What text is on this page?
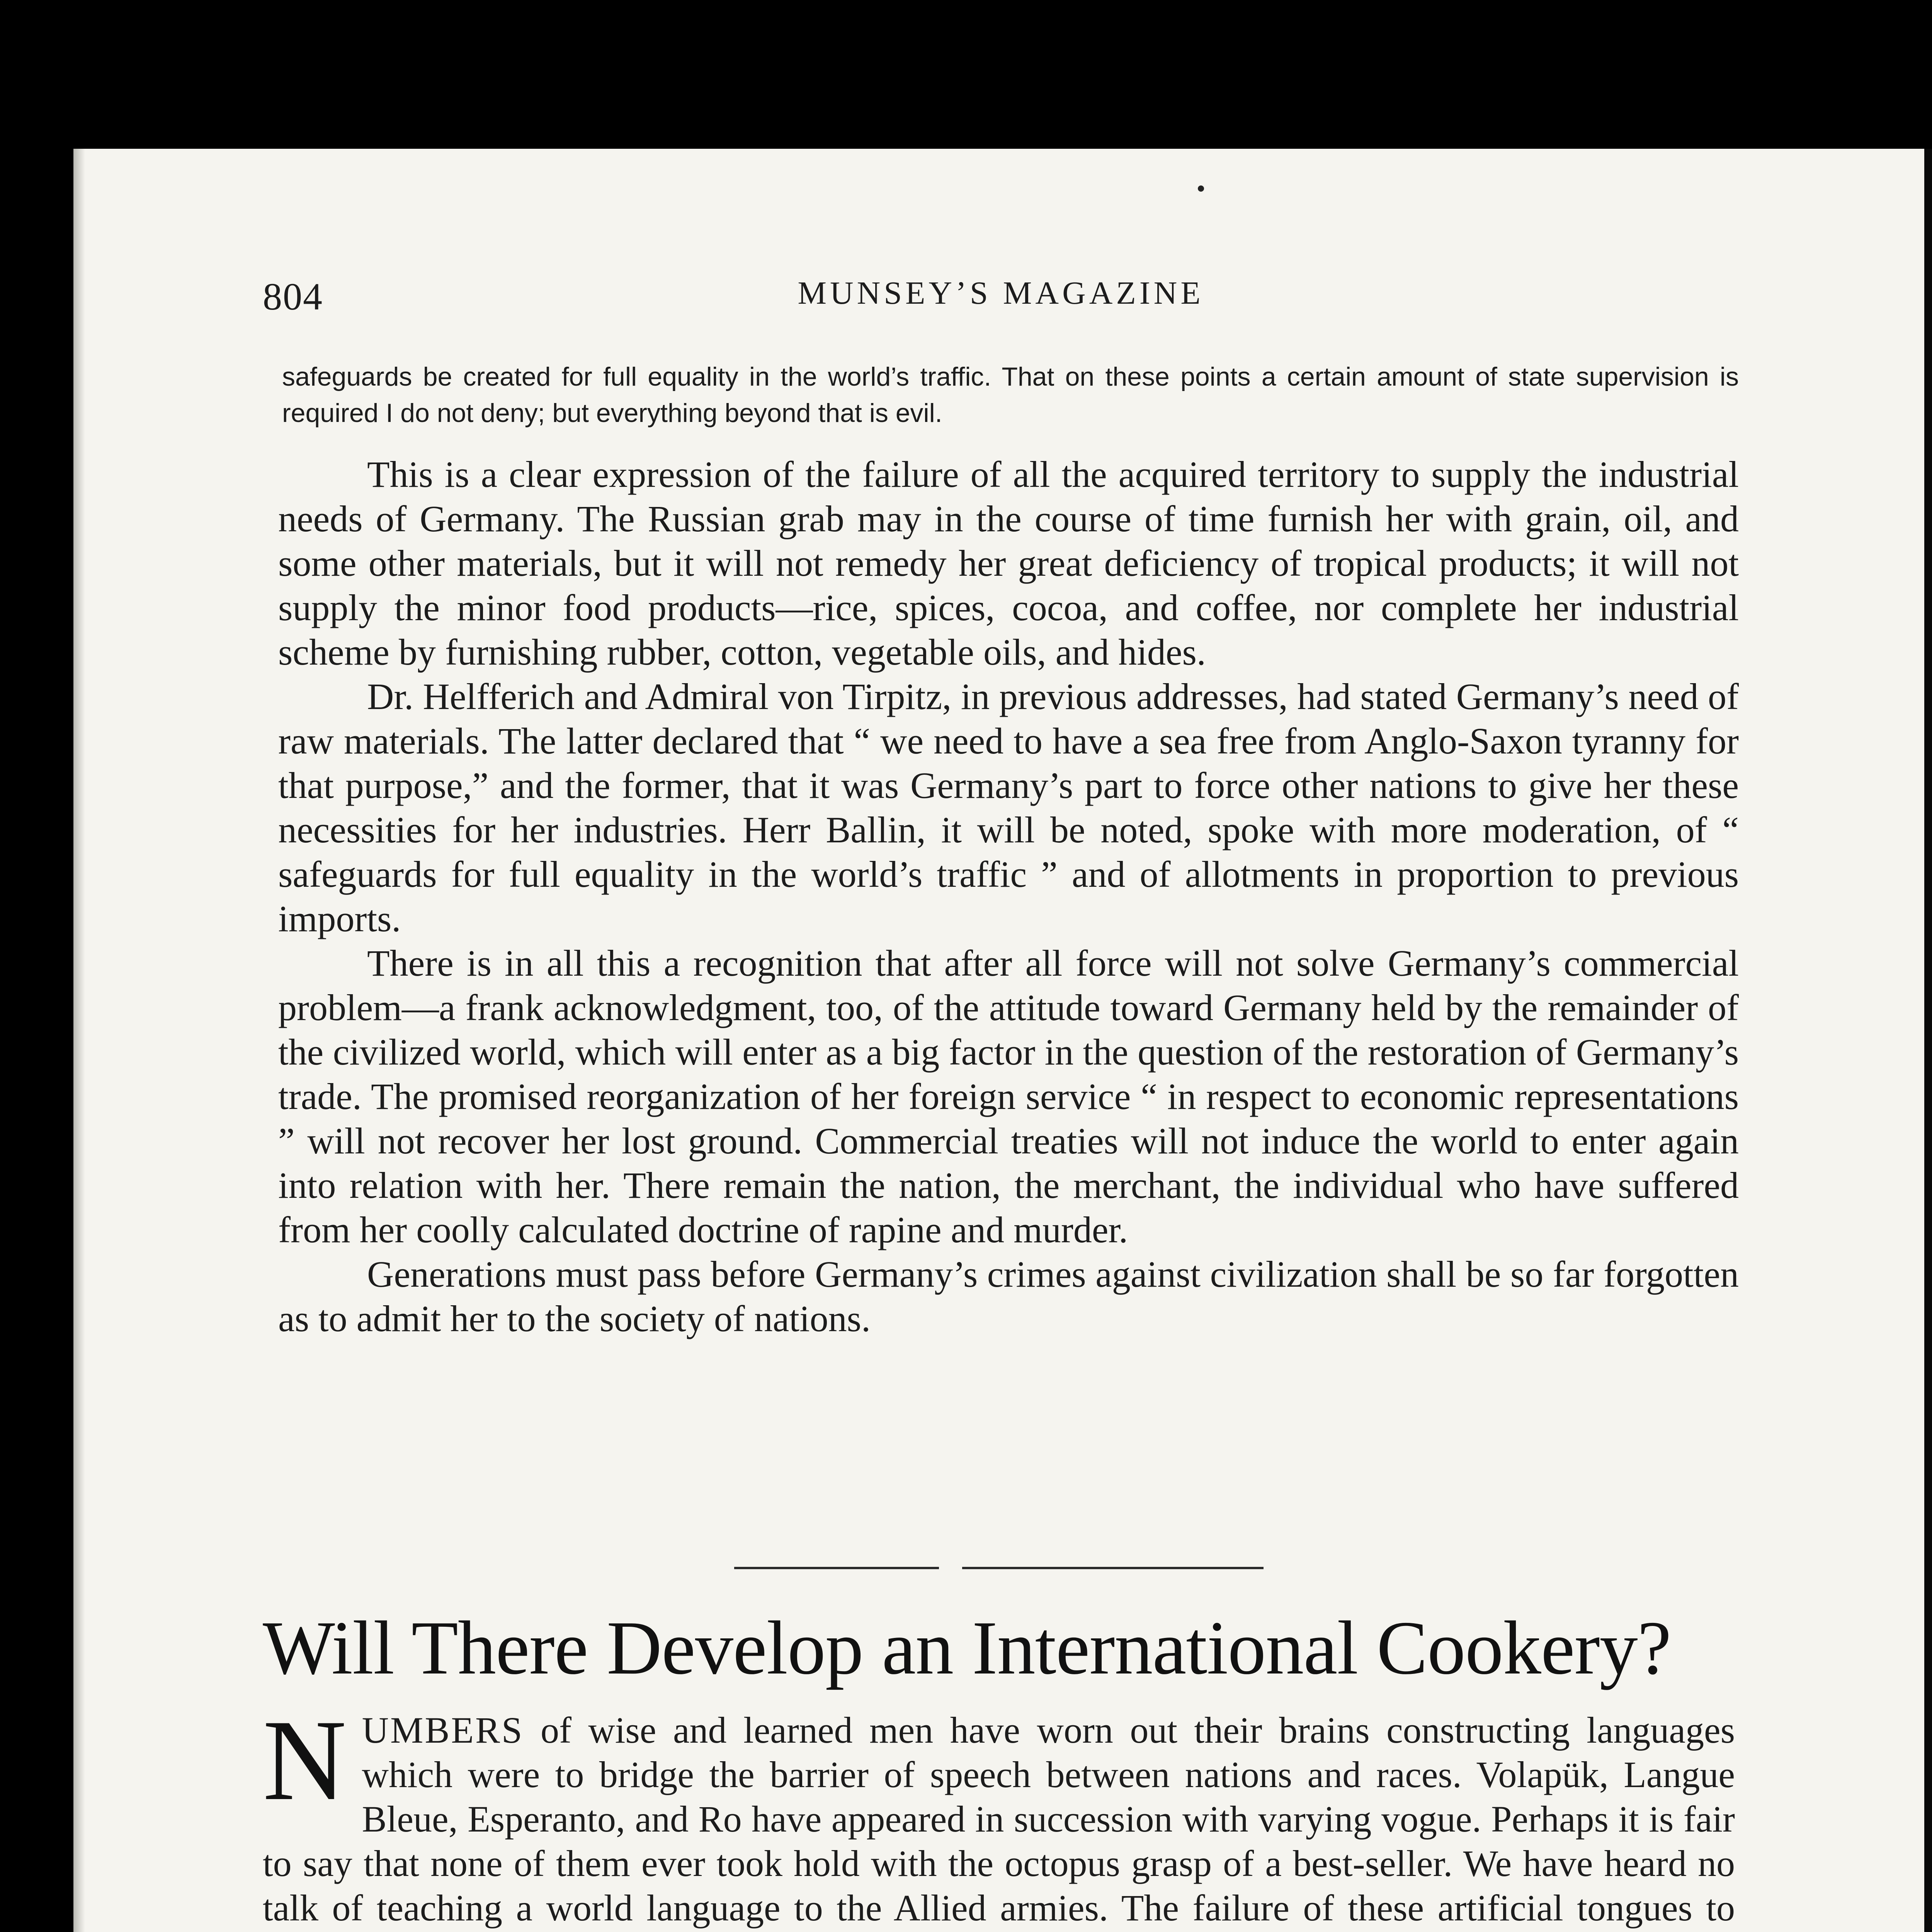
804	MUNSEY’S MAGAZINE
safeguards be created for full equality in the world’s traffic. That on these points a certain amount of state supervision is required I do not deny; but everything beyond that is evil.

This is a clear expression of the failure of all the acquired territory to supply the industrial needs of Germany. The Russian grab may in the course of time furnish her with grain, oil, and some other materials, but it will not remedy her great deficiency of tropical products; it will not supply the minor food products—rice, spices, cocoa, and coffee, nor complete her industrial scheme by furnishing rubber, cotton, vegetable oils, and hides.

Dr. Helfferich and Admiral von Tirpitz, in previous addresses, had stated Germany’s need of raw materials. The latter declared that “ we need to have a sea free from Anglo-Saxon tyranny for that purpose,” and the former, that it was Germany’s part to force other nations to give her these necessities for her industries. Herr Ballin, it will be noted, spoke with more moderation, of “ safeguards for full equality in the world’s traffic ” and of allotments in proportion to previous imports.

There is in all this a recognition that after all force will not solve Germany’s commercial problem—a frank acknowledgment, too, of the attitude toward Germany held by the remainder of the civilized world, which will enter as a big factor in the question of the restoration of Germany’s trade. The promised reorganization of her foreign service “ in respect to economic representations ” will not recover her lost ground. Commercial treaties will not induce the world to enter again into relation with her. There remain the nation, the merchant, the individual who have suffered from her coolly calculated doctrine of rapine and murder.

Generations must pass before Germany’s crimes against civilization shall be so far forgotten as to admit her to the society of nations.

Will There Develop an International Cookery?

NUMBERS of wise and learned men have worn out their brains constructing languages which were to bridge the barrier of speech between nations and races. Volapük, Langue Bleue, Esperanto, and Ro have appeared in succession with varying vogue. Perhaps it is fair to say that none of them ever took hold with the octopus grasp of a best-seller. We have heard no talk of teaching a world language to the Allied armies. The failure of these artificial tongues to
